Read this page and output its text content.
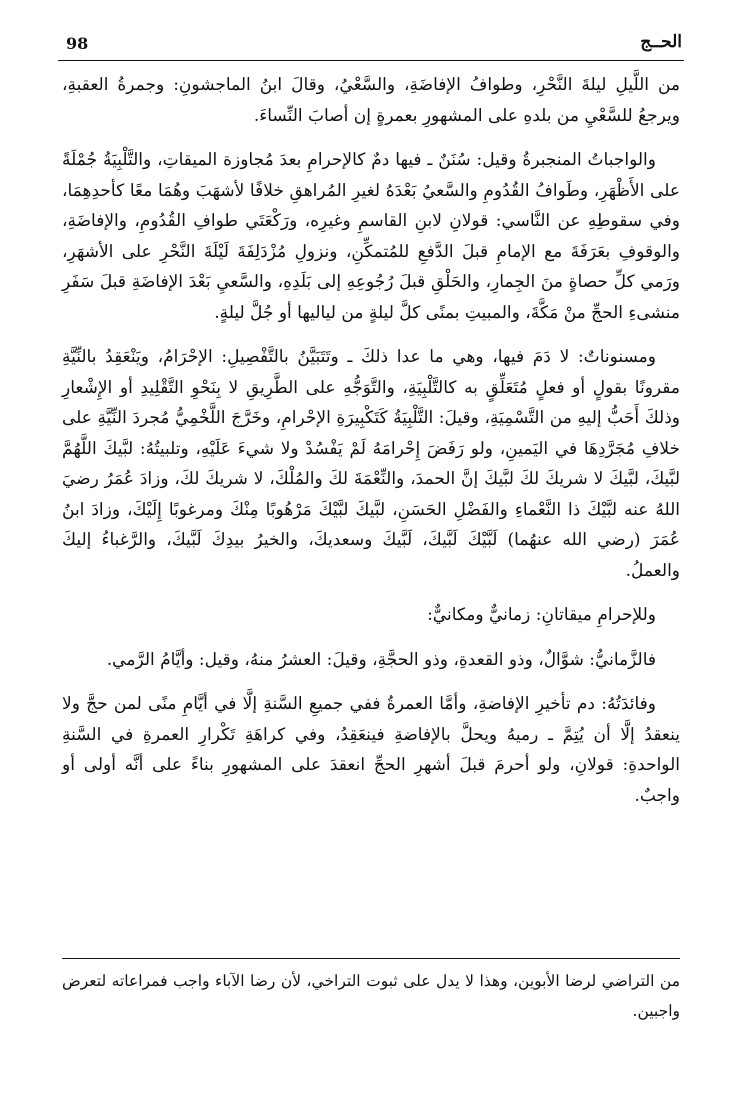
98	الحــج

من اللَّيلِ ليلةَ النَّحْرِ، وطوافُ الإفاضَةِ، والسَّعْيُ، وقالَ ابنُ الماجشونِ: وجمرةُ العقبةِ، ويرجعُ للسَّعْيِ من بلدهِ على المشهورِ بعمرةٍ إن أصابَ النِّساءَ.

والواجباتُ المنجبرةُ وقيل: سُنَنٌ ـ فيها دمٌ كالإحرامِ بعدَ مُجاوزة الميقاتِ، والتَّلْبِيَةُ جُمْلَةً على الأَظْهَرِ، وطَوافُ القُدُومِ والسَّعيُ بَعْدَهُ لغيرِ المُراهقِ خلافًا لأشهَبَ وهُمَا معًا كأحدِهِمَا، وفي سقوطِهِ عن النَّاسي: قولانِ لابنِ القاسمِ وغيرِه، ورَكْعَتَي طوافِ القُدُومِ، والإفاضَةِ، والوقوفِ بعَرَفَةَ مع الإمامِ قبلَ الدَّفعِ للمُتمكِّنِ، ونزولِ مُزْدَلِفَةَ لَيْلَةَ النَّحْرِ على الأشهَرِ، ورَمي كلِّ حصاةٍ منَ الجِمارِ، والحَلْقِ قبلَ رُجُوعِهِ إلى بَلَدِهِ، والسَّعيِ بَعْدَ الإفاضَةِ قبلَ سَفَرِ منشىءِ الحجِّ منْ مَكَّةَ، والمبيتِ بمنًى كلَّ ليلةٍ من لياليها أو جُلَّ ليلةٍ.

ومسنوناتٌ: لا دَمَ فيها، وهي ما عدا ذلكَ ـ وتَتَبَيَّنُ بالتَّفْصِيلِ: الإحْرَامُ، ويَنْعَقِدُ بالنِّيَّةِ مقرونًا بقولٍ أو فعلٍ مُتَعَلِّقٍ به كالتَّلْبِيَةِ، والتَّوَجُّهِ على الطَّرِيقِ لا بِنَحْوِ التَّقْلِيدِ أو الإِشْعارِ وذلكَ أَحَبُّ إليهِ من التَّسْمِيَةِ، وقيلَ: التَّلْبِيَةُ كَتَكْبِيرَةِ الإحْرامِ، وخَرَّجَ اللَّخْمِيُّ مُجردَ النِّيَّةِ على خلافِ مُجَرَّدِهَا في اليَمينِ، ولو رَفَضَ إِحْرامَهُ لَمْ يَفْسُدْ ولا شيءَ عَلَيْهِ، وتلبيتُهُ: لبَّيكَ اللَّهُمَّ لبَّيكَ، لبَّيكَ لا شريكَ لكَ لبَّيكَ إنَّ الحمدَ، والنِّعْمَةَ لكَ والمُلْكَ، لا شريكَ لكَ، وزادَ عُمَرُ رضيَ اللهُ عنه لبَّيْكَ ذا النَّعْماءِ والفَضْلِ الحَسَنِ، لبَّيكَ لبَّيْكَ مَرْهُوبًا مِنْكَ ومرغوبًا إِلَيْكَ، وزادَ ابنُ عُمَرَ (رضي الله عنهُما) لَبَّيْكَ لَبَّيكَ، لَبَّيكَ وسعديكَ، والخيرُ بيدِكَ لَبَّيكَ، والرَّغباءُ إليكَ والعملُ.

وللإحرامِ ميقاتانِ: زمانيٌّ ومكانيٌّ:

فالزَّمانيُّ: شوَّالٌ، وذو القعدةِ، وذو الحجَّةِ، وقيلَ: العشرُ منهُ، وقيل: وأيَّامُ الرَّمي.

وفائدَتُهُ: دم تأخيرِ الإفاضةِ، وأمَّا العمرةُ ففي جميعِ السَّنةِ إلَّا في أيَّامِ منًى لمن حجَّ ولا ينعقدُ إلَّا أن يُتِمَّ ـ رميهُ ويحلَّ بالإفاضةِ فينعَقِدُ، وفي كراهَةِ تَكْرارِ العمرةِ في السَّنةِ الواحدةِ: قولانِ، ولو أحرمَ قبلَ أشهرِ الحجِّ انعقدَ على المشهورِ بناءً على أنَّه أولى أو واجبٌ.

من التراضي لرضا الأبوين، وهذا لا يدل على ثبوت التراخي، لأن رضا الآباء واجب فمراعاته لتعرض واجبين.
